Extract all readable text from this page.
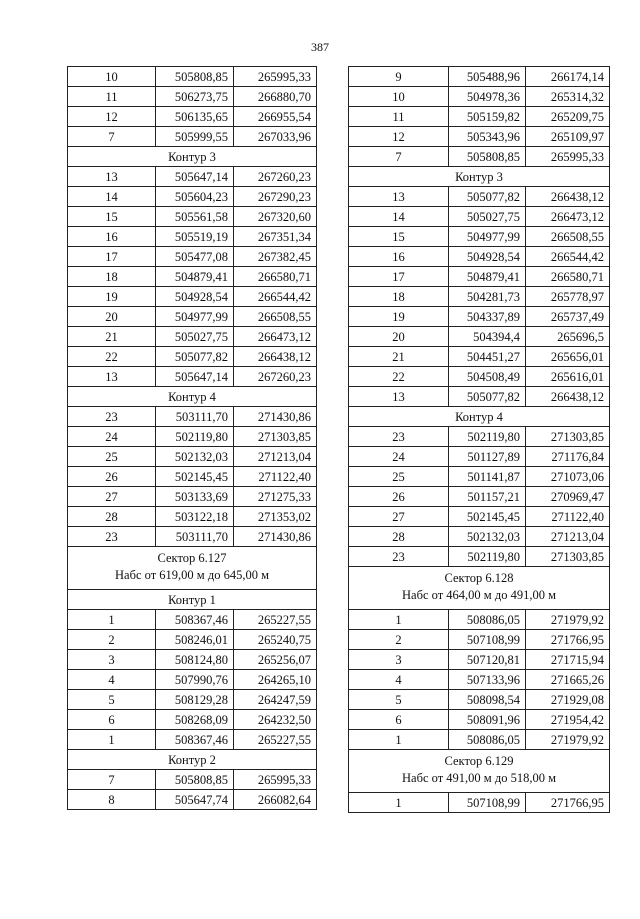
387
10	505808,85	265995,33
11	506273,75	266880,70
12	506135,65	266955,54
7	505999,55	267033,96
Контур 3		
13	505647,14	267260,23
14	505604,23	267290,23
15	505561,58	267320,60
16	505519,19	267351,34
17	505477,08	267382,45
18	504879,41	266580,71
19	504928,54	266544,42
20	504977,99	266508,55
21	505027,75	266473,12
22	505077,82	266438,12
13	505647,14	267260,23
Контур 4		
23	503111,70	271430,86
24	502119,80	271303,85
25	502132,03	271213,04
26	502145,45	271122,40
27	503133,69	271275,33
28	503122,18	271353,02
23	503111,70	271430,86

Сектор 6.127
Набс от 619,00 м до 645,00 м		

Контур 1		
1	508367,46	265227,55
2	508246,01	265240,75
3	508124,80	265256,07
4	507990,76	264265,10
5	508129,28	264247,59
6	508268,09	264232,50
1	508367,46	265227,55
Контур 2		
7	505808,85	265995,33
8	505647,74	266082,64
9	505488,96	266174,14
10	504978,36	265314,32
11	505159,82	265209,75
12	505343,96	265109,97
7	505808,85	265995,33
Контур 3		
13	505077,82	266438,12
14	505027,75	266473,12
15	504977,99	266508,55
16	504928,54	266544,42
17	504879,41	266580,71
18	504281,73	265778,97
19	504337,89	265737,49
20	504394,4	265696,5
21	504451,27	265656,01
22	504508,49	265616,01
13	505077,82	266438,12
Контур 4		
23	502119,80	271303,85
24	501127,89	271176,84
25	501141,87	271073,06
26	501157,21	270969,47
27	502145,45	271122,40
28	502132,03	271213,04
23	502119,80	271303,85

Сектор 6.128
Набс от 464,00 м до 491,00 м		

1	508086,05	271979,92
2	507108,99	271766,95
3	507120,81	271715,94
4	507133,96	271665,26
5	508098,54	271929,08
6	508091,96	271954,42
1	508086,05	271979,92

Сектор 6.129
Набс от 491,00 м до 518,00 м		

1	507108,99	271766,95
